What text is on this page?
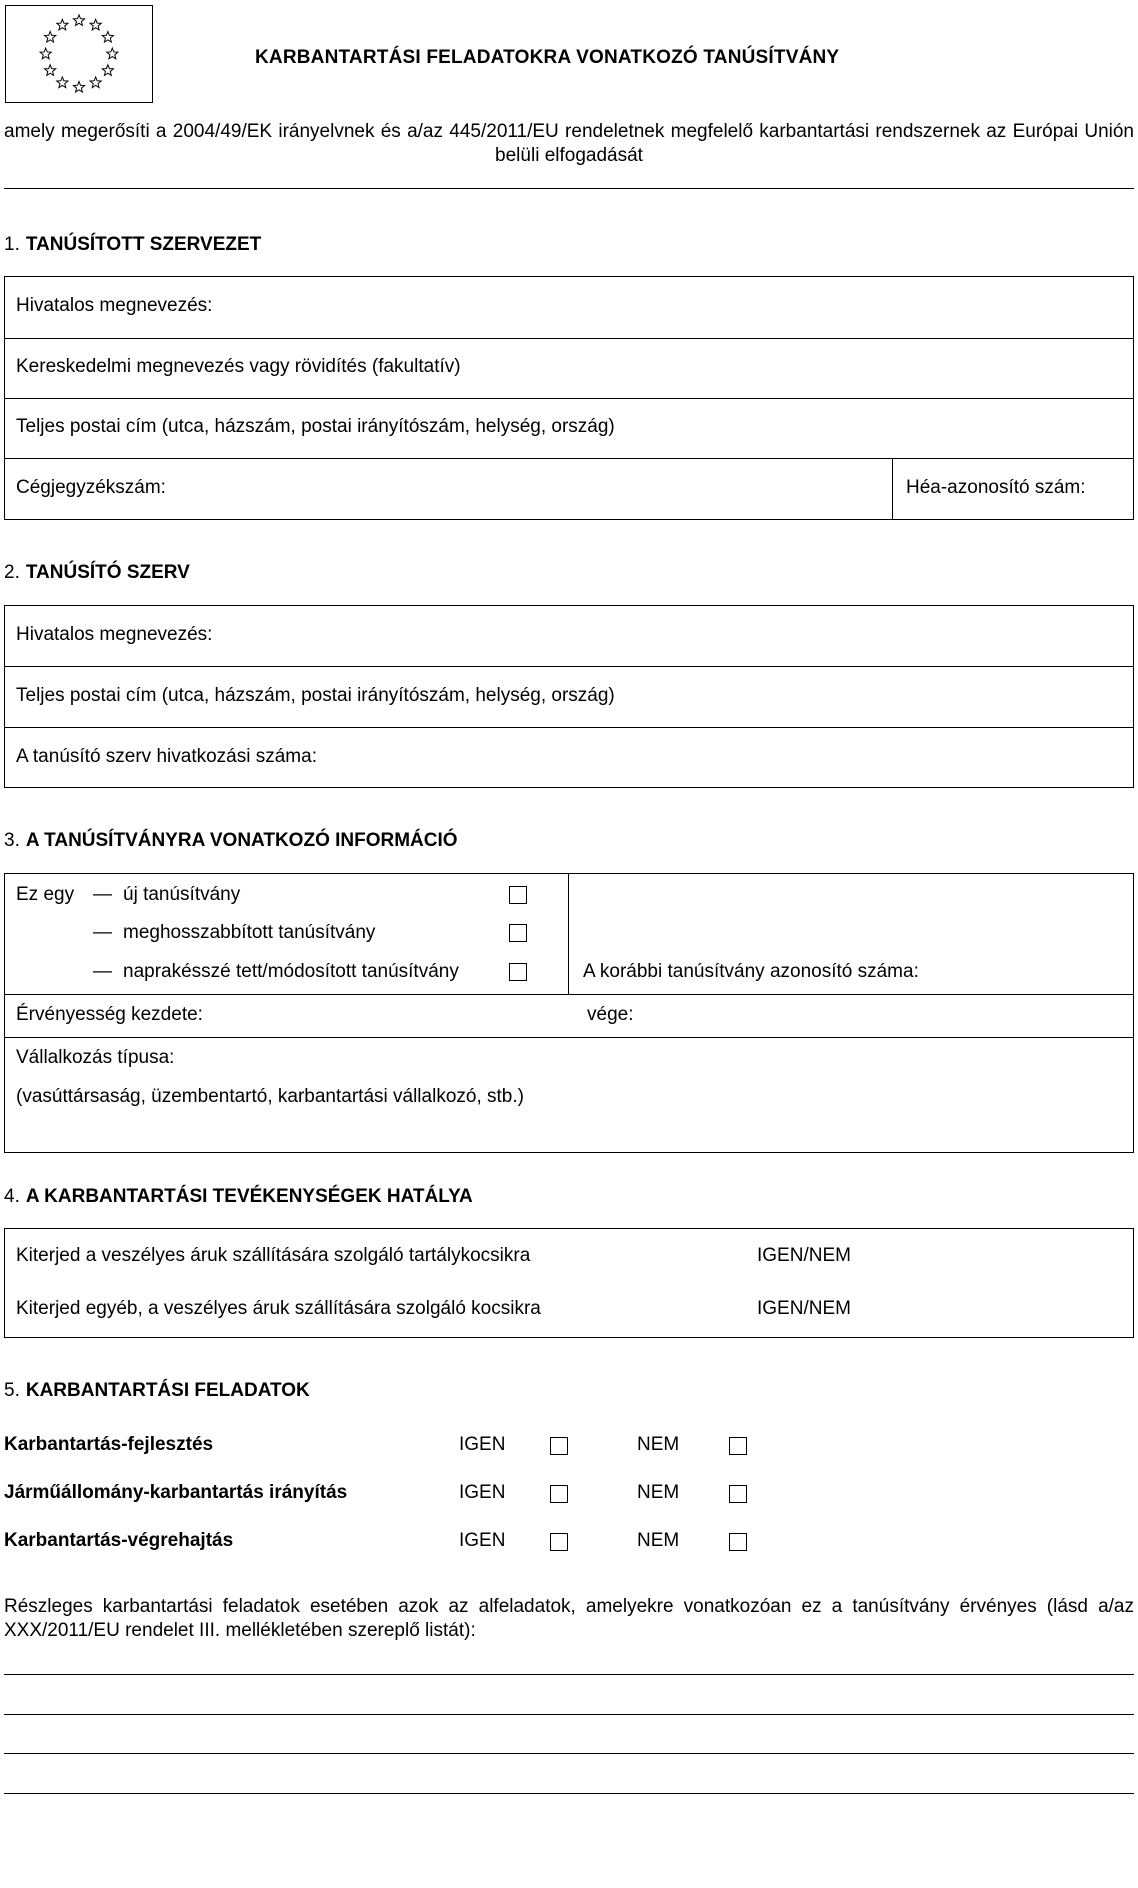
KARBANTARTÁSI FELADATOKRA VONATKOZÓ TANÚSÍTVÁNY
amely megerősíti a 2004/49/EK irányelvnek és a/az 445/2011/EU rendeletnek megfelelő karbantartási rendszernek az Európai Unión belüli elfogadását
1. TANÚSÍTOTT SZERVEZET
Hivatalos megnevezés:
Kereskedelmi megnevezés vagy rövidítés (fakultatív)
Teljes postai cím (utca, házszám, postai irányítószám, helység, ország)
Cégjegyzékszám:	Héa-azonosító szám:
2. TANÚSÍTÓ SZERV
Hivatalos megnevezés:
Teljes postai cím (utca, házszám, postai irányítószám, helység, ország)
A tanúsító szerv hivatkozási száma:
3. A TANÚSÍTVÁNYRA VONATKOZÓ INFORMÁCIÓ
Ez egy — új tanúsítvány
— meghosszabbított tanúsítvány
— naprakésszé tett/módosított tanúsítvány	A korábbi tanúsítvány azonosító száma:
Érvényesség kezdete:	vége:
Vállalkozás típusa:
(vasúttársaság, üzembentartó, karbantartási vállalkozó, stb.)
4. A KARBANTARTÁSI TEVÉKENYSÉGEK HATÁLYA
Kiterjed a veszélyes áruk szállítására szolgáló tartálykocsikra	IGEN/NEM
Kiterjed egyéb, a veszélyes áruk szállítására szolgáló kocsikra	IGEN/NEM
5. KARBANTARTÁSI FELADATOK
Karbantartás-fejlesztés	IGEN	NEM
Járműállomány-karbantartás irányítás	IGEN	NEM
Karbantartás-végrehajtás	IGEN	NEM
Részleges karbantartási feladatok esetében azok az alfeladatok, amelyekre vonatkozóan ez a tanúsítvány érvényes (lásd a/az XXX/2011/EU rendelet III. mellékletében szereplő listát):
